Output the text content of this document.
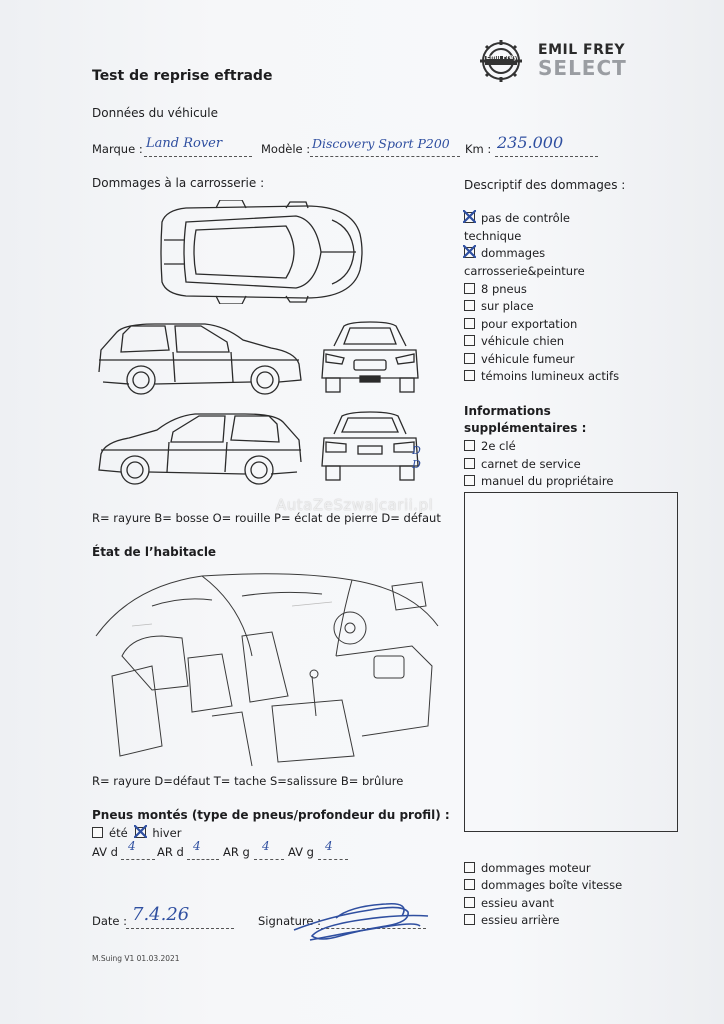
Emil Frey EMIL FREY
SELECT
Test de reprise eftrade
Données du véhicule
Marque : Land Rover	Modèle : Discovery Sport P200 Km : 235.000
Dommages à la carrosserie :	Descriptif des dommages :
D
D
AutaZeSzwajcarii.pl
R= rayure B= bosse O= rouille P= éclat de pierre D= défaut
pas de contrôle
technique
dommages
carrosserie&peinture
8 pneus
sur place
pour exportation
véhicule chien
véhicule fumeur
témoins lumineux actifs
Informations
supplémentaires :
2e clé
carnet de service
manuel du propriétaire
État de l’habitacle
R= rayure D=défaut T= tache S=salissure B= brûlure
Pneus montés (type de pneus/profondeur du profil) :
été hiver
AV d 4 AR d 4 AR g 4 AV g 4
dommages moteur
dommages boîte vitesse
essieu avant
essieu arrière
Date : 7.4.26	Signature :
M.Suing V1 01.03.2021
